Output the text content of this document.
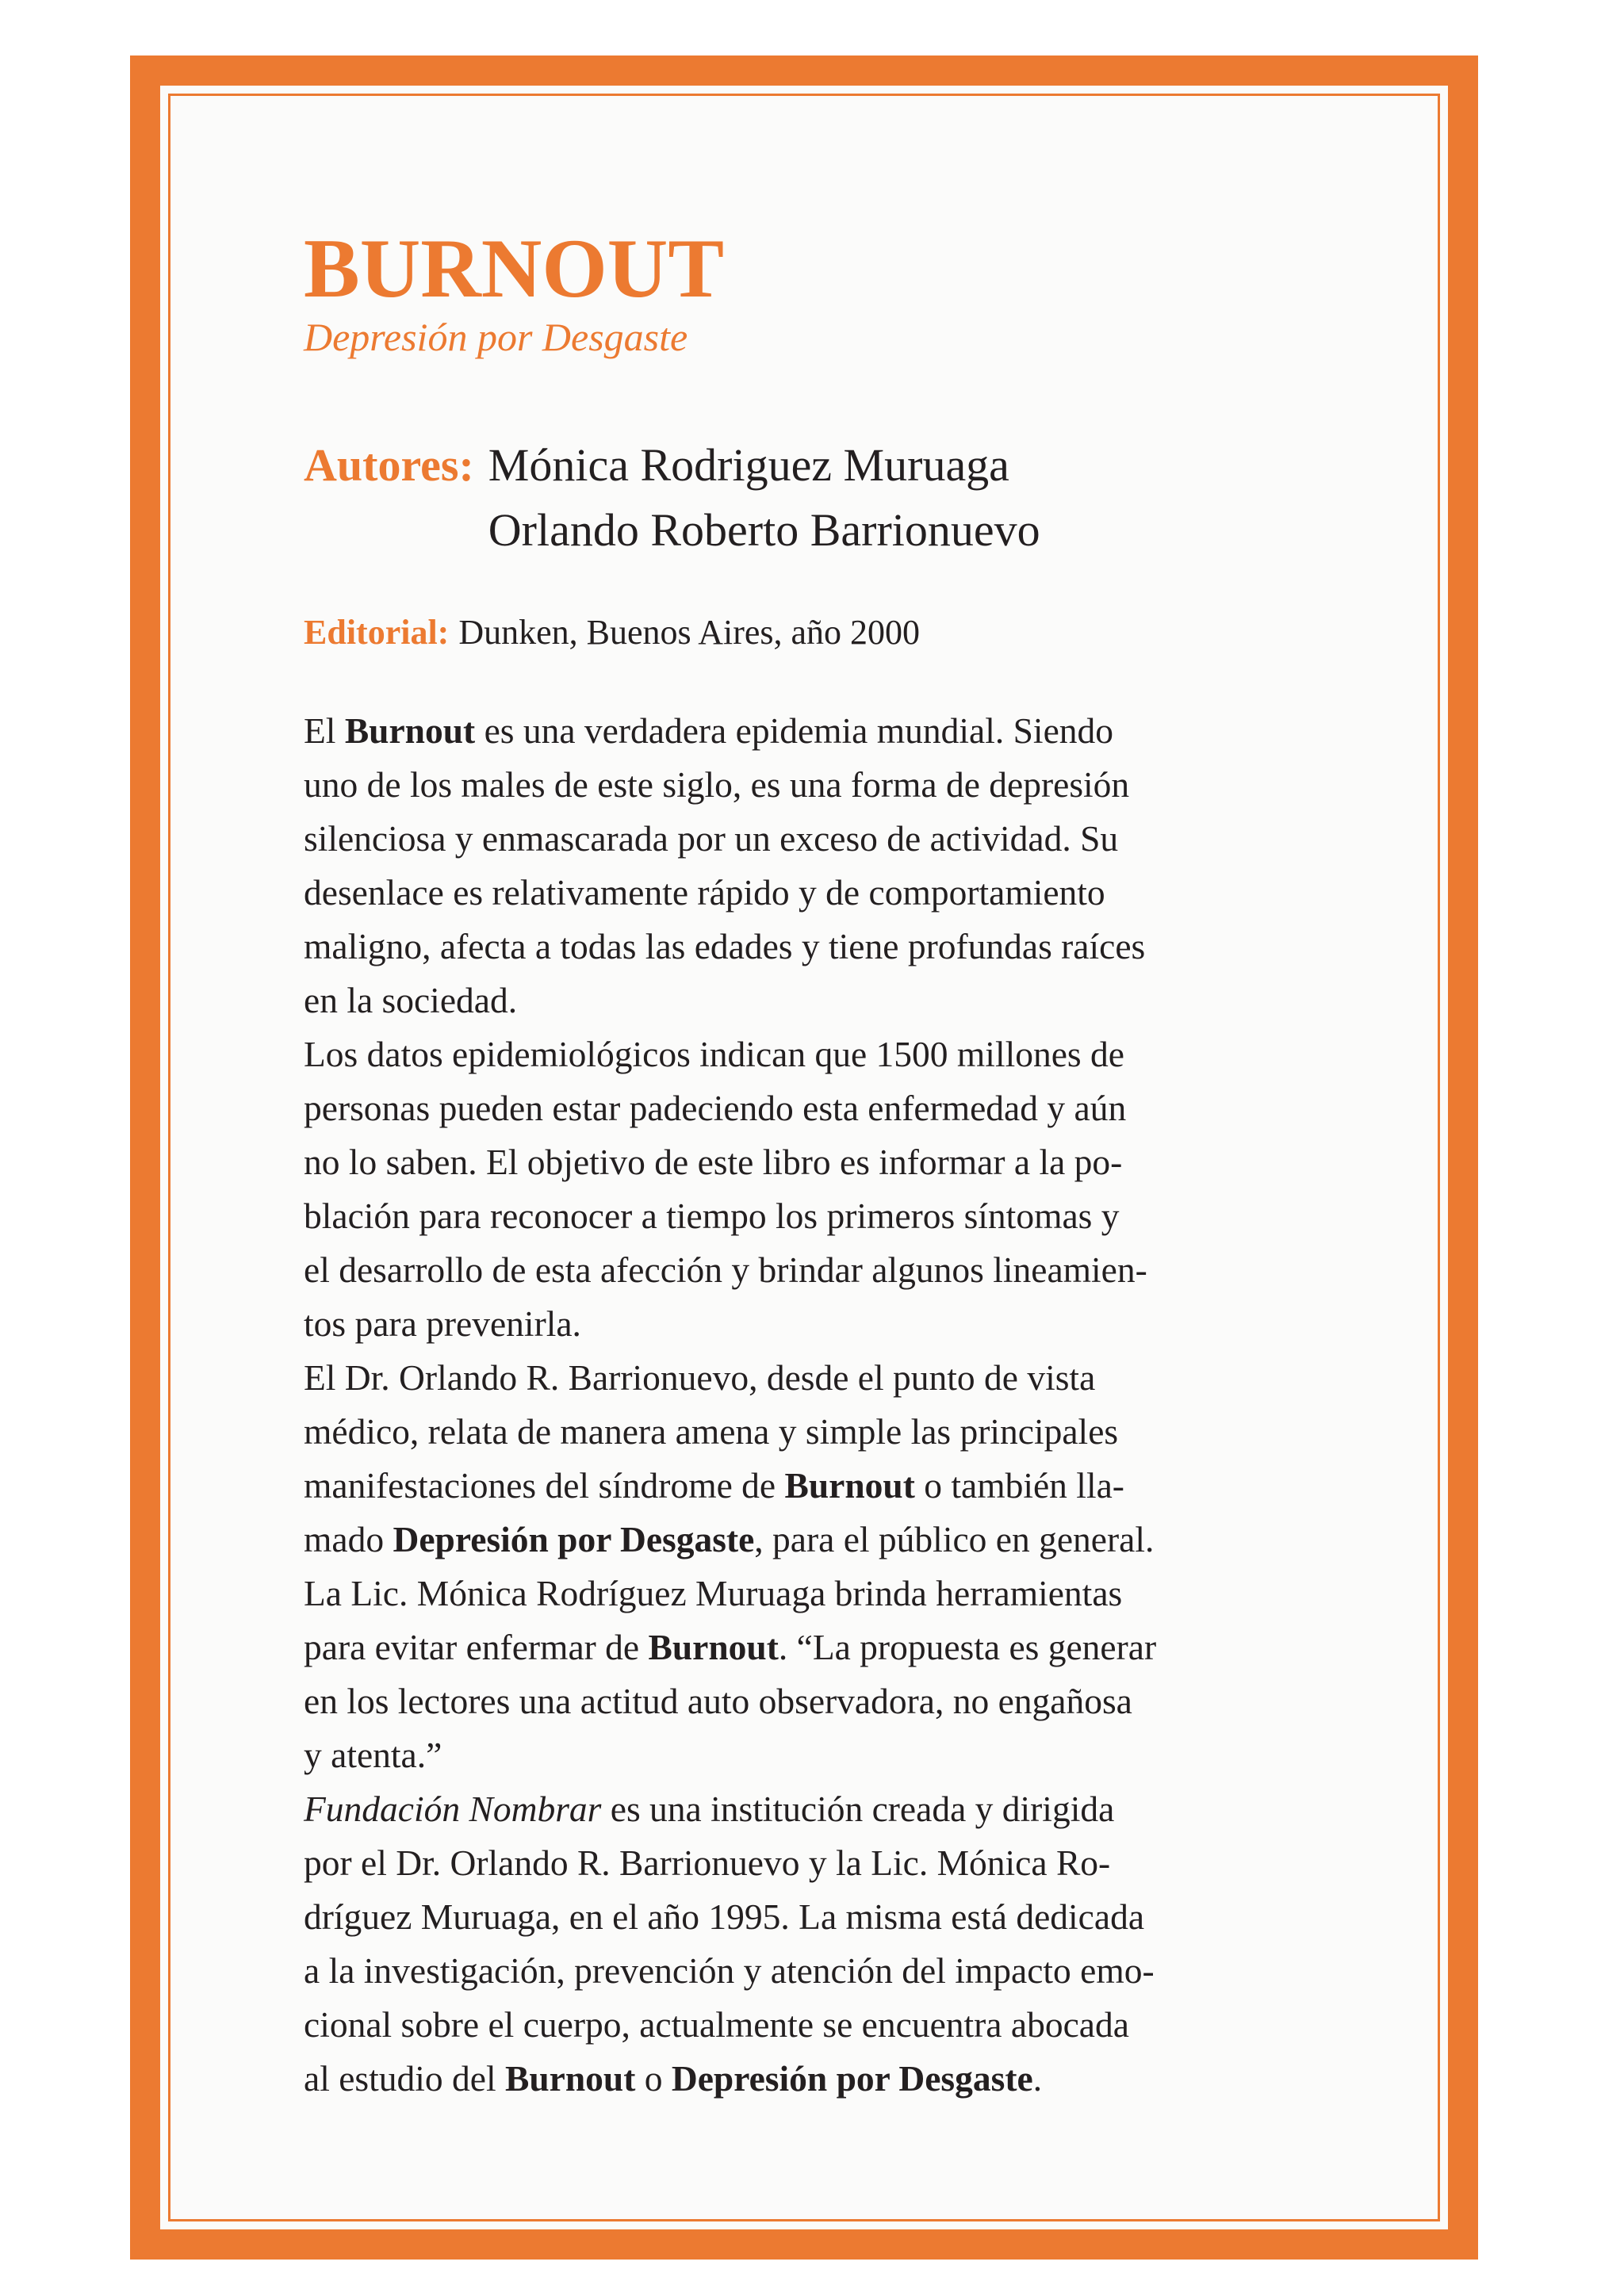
BURNOUT

Depresión por Desgaste

Autores: Mónica Rodriguez Muruaga
Orlando Roberto Barrionuevo
Editorial: Dunken, Buenos Aires, año 2000
El Burnout es una verdadera epidemia mundial. Siendo
uno de los males de este siglo, es una forma de depresión
silenciosa y enmascarada por un exceso de actividad. Su
desenlace es relativamente rápido y de comportamiento
maligno, afecta a todas las edades y tiene profundas raíces
en la sociedad.
Los datos epidemiológicos indican que 1500 millones de
personas pueden estar padeciendo esta enfermedad y aún
no lo saben. El objetivo de este libro es informar a la po-
blación para reconocer a tiempo los primeros síntomas y
el desarrollo de esta afección y brindar algunos lineamien-
tos para prevenirla.
El Dr. Orlando R. Barrionuevo, desde el punto de vista
médico, relata de manera amena y simple las principales
manifestaciones del síndrome de Burnout o también lla-
mado Depresión por Desgaste, para el público en general.
La Lic. Mónica Rodríguez Muruaga brinda herramientas
para evitar enfermar de Burnout. “La propuesta es generar
en los lectores una actitud auto observadora, no engañosa
y atenta.”
Fundación Nombrar es una institución creada y dirigida
por el Dr. Orlando R. Barrionuevo y la Lic. Mónica Ro-
dríguez Muruaga, en el año 1995. La misma está dedicada
a la investigación, prevención y atención del impacto emo-
cional sobre el cuerpo, actualmente se encuentra abocada
al estudio del Burnout o Depresión por Desgaste.
